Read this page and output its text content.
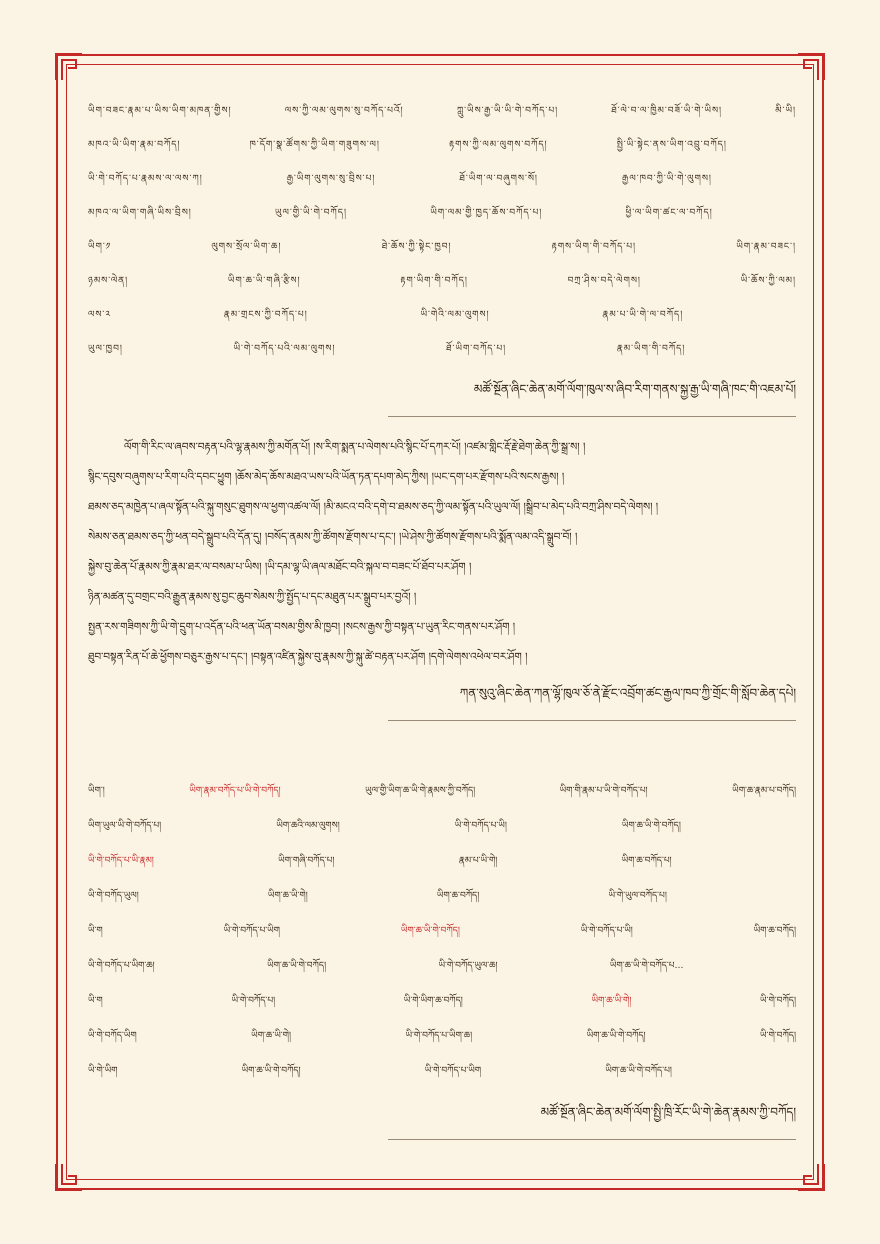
ཡིག་བཟང་རྣམ་པ་ཡིས་ཡིག་མཁན་གྱིས།	ལས་ཀྱི་ལམ་ལུགས་སུ་བཀོད་པའོ།	ཀླུ་ཡིས་རྒྱ་ཡི་ཡི་གེ་བཀོད་པ།	ཐོ་ལེ་བ་ལ་ཁྱིམ་བཟོ་ཡི་གེ་ཡིས།	མི་ཡི།
མཁའ་ཡི་ཡིག་རྣམ་བཀོད།	ཁ་དོག་སྣ་ཚོགས་ཀྱི་ཡིག་གཟུགས་ལ།	རྟགས་ཀྱི་ལམ་ལུགས་བཀོད།	སྤྱི་ཡི་སྟེང་ནས་ཡིག་འབྲུ་བཀོད།
ཡི་གེ་བཀོད་པ་རྣམས་ལ་ལས་ཀ།	རྒྱ་ཡིག་ལུགས་སུ་བྲིས་པ།	ཐོ་ཡིག་ལ་བཞུགས་སོ།	རྒྱལ་ཁབ་ཀྱི་ཡི་གེ་ལུགས།
མཁའ་ལ་ཡིག་གཞི་ཡིས་བྲིས།	ཡུལ་གྱི་ཡི་གེ་བཀོད།	ཡིག་ལམ་གྱི་ཁྱད་ཆོས་བཀོད་པ།	ཕྱི་ལ་ཡིག་ཚང་ལ་བཀོད།
ཡིག་༡	ལུགས་སྲོལ་ཡིག་ཆ།	ཐེ་ཆོས་ཀྱི་སྟེང་ཁྱབ།	རྟགས་ཡིག་གི་བཀོད་པ།	ཡིག་རྣམ་བཟང་།
ཉམས་ལེན།	ཡིག་ཆ་ཡི་གཞི་རྩིས།	རྟག་ཡིག་གི་བཀོད།	བཀྲ་ཤིས་བདེ་ལེགས།	ཡི་ཆོས་ཀྱི་ལམ།
ལས་༢	རྣམ་གྲངས་ཀྱི་བཀོད་པ།	ཡི་གེའི་ལམ་ལུགས།	རྣམ་པ་ཡི་གེ་ལ་བཀོད།
ཡུལ་ཁྱབ།	ཡི་གེ་བཀོད་པའི་ལམ་ལུགས།	ཐོ་ཡིག་བཀོད་པ།	རྣམ་ཡིག་གི་བཀོད།
མཚོ་སྔོན་ཞིང་ཆེན་མགོ་ལོག་ཁུལ་ས་ཞིབ་རིག་གནས་སྐྱ་རྒྱ་ཡི་གཞི་ཁང་གི་འཇམ་པོ།
ལོག་གི་རིང་ལ་ཞབས་བརྟན་པའི་ལྷ་རྣམས་ཀྱི་མགོན་པོ། །ས་རིག་སྨན་པ་ལེགས་པའི་སྙིང་པོ་དཀར་པོ། །འཛམ་གླིང་རྡོ་རྗེ་ཐེག་ཆེན་ཀྱི་སྒྲ་ས། །
སྙིང་དབུས་བཞུགས་པ་རིག་པའི་དབང་ཕྱུག །ཆོས་མེད་ཆོས་མཐའ་ཡས་པའི་ཡོན་ཏན་དཔག་མེད་ཀྱིས། །ཡང་དག་པར་རྫོགས་པའི་སངས་རྒྱས། །
ཐམས་ཅད་མཁྱེན་པ་ཞལ་སྟོན་པའི་སྐུ་གསུང་ཐུགས་ལ་ཕྱག་འཚལ་ལོ། །མི་མངའ་བའི་དགེ་བ་ཐམས་ཅད་ཀྱི་ལམ་སྟོན་པའི་ཡུལ་ལོ། །སྒྲིབ་པ་མེད་པའི་བཀྲ་ཤིས་བདེ་ལེགས། །
སེམས་ཅན་ཐམས་ཅད་ཀྱི་ཕན་བདེ་སྒྲུབ་པའི་དོན་དུ། །བསོད་ནམས་ཀྱི་ཚོགས་རྫོགས་པ་དང་། །ཡེ་ཤེས་ཀྱི་ཚོགས་རྫོགས་པའི་སྨོན་ལམ་འདི་སྒྲུབ་བོ། །
སྐྱེས་བུ་ཆེན་པོ་རྣམས་ཀྱི་རྣམ་ཐར་ལ་བསམ་པ་ཡིས། །ཡི་དམ་ལྷ་ཡི་ཞལ་མཐོང་བའི་སྐལ་བ་བཟང་པོ་ཐོབ་པར་ཤོག །
ཉིན་མཚན་དུ་བགྲང་བའི་རྒྱུན་རྣམས་སུ་བྱང་ཆུབ་སེམས་ཀྱི་སྤྱོད་པ་དང་མཐུན་པར་སྒྲུབ་པར་བྱའོ། །
སྤྱན་རས་གཟིགས་ཀྱི་ཡི་གེ་དྲུག་པ་འདོན་པའི་ཕན་ཡོན་བསམ་གྱིས་མི་ཁྱབ། །སངས་རྒྱས་ཀྱི་བསྟན་པ་ཡུན་རིང་གནས་པར་ཤོག །
ཐུབ་བསྟན་རིན་པོ་ཆེ་ཕྱོགས་བཅུར་རྒྱས་པ་དང་། །བསྟན་འཛིན་སྐྱེས་བུ་རྣམས་ཀྱི་སྐུ་ཚེ་བརྟན་པར་ཤོག །དགེ་ལེགས་འཕེལ་བར་ཤོག །
ཀན་སུའུ་ཞིང་ཆེན་ཀན་ལྷོ་ཁུལ་ཅོ་ནེ་རྫོང་འབྲོག་ཚང་རྒྱལ་ཁབ་ཀྱི་གྲོང་གི་སློབ་ཆེན་དཔེ།
ཡིག་།	ཡིག་རྣམ་བཀོད་པ་ཡི་གེ་བཀོད།	ཡུལ་གྱི་ཡིག་ཆ་ཡི་གེ་རྣམས་ཀྱི་བཀོད།	ཡིག་གི་རྣམ་པ་ཡི་གེ་བཀོད་པ།	ཡིག་ཆ་རྣམ་པ་བཀོད།
ཡིག་ཡུལ་ཡི་གེ་བཀོད་པ།	ཡིག་ཆའི་ལམ་ལུགས།	ཡི་གེ་བཀོད་པ་ཡི།	ཡིག་ཆ་ཡི་གེ་བཀོད།
ཡི་གེ་བཀོད་པ་ཡི་རྣམ།	ཡིག་གཞི་བཀོད་པ།	རྣམ་པ་ཡི་གེ།	ཡིག་ཆ་བཀོད་པ།
ཡི་གེ་བཀོད་ཡུལ།	ཡིག་ཆ་ཡི་གེ།	ཡིག་ཆ་བཀོད།	ཡི་གེ་ཡུལ་བཀོད་པ།
ཡི་ག	ཡི་གེ་བཀོད་པ་ཡིག	ཡིག་ཆ་ཡི་གེ་བཀོད།	ཡི་གེ་བཀོད་པ་ཡི།	ཡིག་ཆ་བཀོད།
ཡི་གེ་བཀོད་པ་ཡིག་ཆ།	ཡིག་ཆ་ཡི་གེ་བཀོད།	ཡི་གེ་བཀོད་ཡུལ་ཆ།	ཡིག་ཆ་ཡི་གེ་བཀོད་པ…
ཡི་ག	ཡི་གེ་བཀོད་པ།	ཡི་གེ་ཡིག་ཆ་བཀོད།	ཡིག་ཆ་ཡི་གེ།	ཡི་གེ་བཀོད།
ཡི་གེ་བཀོད་ཡིག	ཡིག་ཆ་ཡི་གེ།	ཡི་གེ་བཀོད་པ་ཡིག་ཆ།	ཡིག་ཆ་ཡི་གེ་བཀོད།	ཡི་གེ་བཀོད།
ཡི་གེ་ཡིག	ཡིག་ཆ་ཡི་གེ་བཀོད།	ཡི་གེ་བཀོད་པ་ཡིག	ཡིག་ཆ་ཡི་གེ་བཀོད་པ།
མཚོ་སྔོན་ཞིང་ཆེན་མགོ་ལོག་སྤྱི་ཁྲི་རོང་ཡི་གེ་ཆེན་རྣམས་ཀྱི་བཀོད།
